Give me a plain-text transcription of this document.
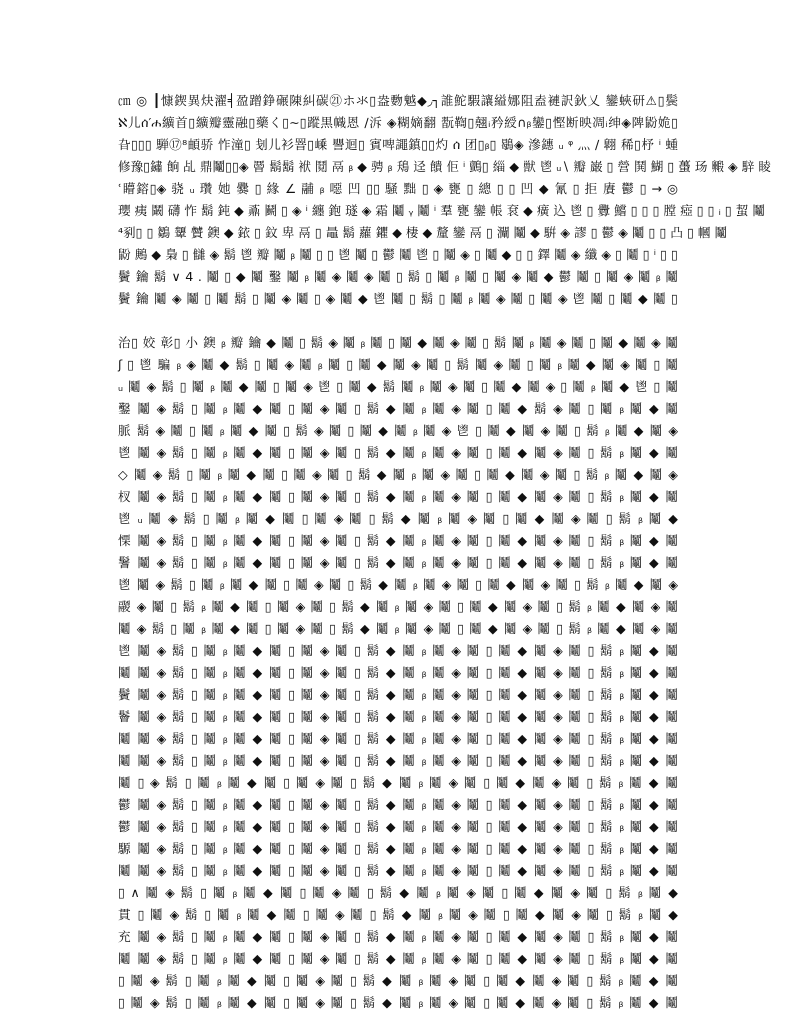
㎝ ◎ ┃慷鍥異炔濯╡盈蹭錚碾陳糾碳㉑ホ氺▯盎覅魆◆◞┐誰鮀騢讓縊娜阻盍褳訳鈥乂 鑾蛺研⚠▯鬓
ℵ⼉ሰ′ሐ纊首▯纊瓣靈融▯藥く▯∼▯蹤黒幟恩 ∕泝 ◈糊嫡翻 翫鞫▯翹ᵢ矜綬∩ᵦ鑾▯慳断映凋ᵢ绅◈陴鼢姽▯
旮▯▯▯ 騨⑰⁸頔骄 怍潼▯ 刬⼉衫罯▯嵊 譻迴▯ 賓啤譝鎮▯▯灼 ሰ 团▯ᵦ▯ 鶡◈ 滲鏸 ᵤ ᵠ 灬 ∕ 翺 稀▯杼 ⁱ 蝩
修豫▯鏽 餉 乩 鼎鬮▯▯◈ 罾 鬍鬍 袱 鬩 鬲 ᵦ ◆ 骋 ᵦ 鴁 迳 饋 佢 ⁱ 鸇▯ 緇 ◆ 獣 鬯 ᵤ∖ 瓣 巌 ▯ 營 鬨 鰗 ▯ 蠆 玚 毈 ◈ 騂 睖
ʿ矒鎔▯◈ 骁 ᵤ 瓚 她 爨 ▯ 緣 ∠ 鬴 ᵦ 噁 凹 ▯▯ 騒 黜 ▯ ◈ 甕 ▯ 總 ▯ ▯ 凹 ◆ 氰 ▯ 拒 賡 鬱 ▯ → ◎
瓔 痍 鬫 礴 怍 鬍 鈍 ◆ 鼒 鬭 ▯ ◈ ⁱ 纏 鉋 璲 ◈ 霜 鬮 ᵧ 鬮 ⁱ 羣 甕 鑾 帳 袞 ◆ 癀 込 鬯 ▯ 釁 鱨 ▯ ▯ ▯ 膛 瘂 ▯ ▯ ᵢ ▯ 蛪 鬮
⁴剢▯ ▯ 鶵 顰 贙 鐭 ◆ 銥 ▯ 鈫 卑 鬲 ▯ 鼂 鬍 蘿 鑺 ◆ 棲 ◆ 釐 鑾 鬲 ▯ 灛 鬮 ◆ 騈 ◈ 謬 ▯ 鬱 ◈ 鬮 ▯ ▯ 凸 ▯ 幗 鬮
鼢 鶊 ◆ 梟 ▯ 讎 ◈ 鬍 鬯 瓣 鬮 ᵦ 鬮 ▯ ▯ 鬯 鬮 ▯ 鬱 鬮 鬯 ▯ 鬮 ◈ ▯ 鬮 ◆ ▯ ▯ 鐸 鬮 ◈ 纖 ◈ ▯ 鬮 ▯ ⁱ ▯ ▯
鬢 鑰 鬍 ∨ 4 . 鬮 ▯ ◆ 鬮 鑿 鬮 ᵦ 鬮 ◈ 鬮 ◈ 鬮 ▯ 鬍 ▯ 鬮 ᵦ 鬮 ▯ 鬮 ◈ 鬮 ◆ 鬱 鬮 ▯ 鬮 ◈ 鬮 ᵦ 鬮
鬢 鑰 鬮 ◈ 鬮 ▯ 鬮 鬍 ▯ 鬮 ◈ 鬮 ▯ ◈ 鬮 ◆ 鬯 鬮 ▯ 鬍 ▯ 鬮 ᵦ 鬮 ◈ 鬮 ▯ 鬮 ◈ 鬯 鬮 ▯ 鬮 ◆ 鬮 ▯
治▯ 姣 彰▯ 小 鐭 ᵦ 瓣 鑰 ◆ 鬮 ▯ 鬍 ◈ 鬮 ᵦ 鬮 ▯ 鬮 ◆ 鬮 ◈ 鬮 ▯ 鬍 鬮 ᵦ 鬮 ◈ 鬮 ▯ 鬮 ◆ 鬮 ◈ 鬮
ʃ ▯ 鬯 騙 ᵦ ◈ 鬮 ◆ 鬍 ▯ 鬮 ◈ 鬮 ᵦ 鬮 ▯ 鬮 ◆ 鬮 ◈ 鬮 ▯ 鬍 鬮 ◈ 鬮 ▯ 鬮 ᵦ 鬮 ◆ 鬮 ◈ 鬮 ▯ 鬮
ᵤ 鬮 ◈ 鬍 ▯ 鬮 ᵦ 鬮 ◆ 鬮 ▯ 鬮 ◈ 鬯 ▯ 鬮 ◆ 鬍 鬮 ᵦ 鬮 ◈ 鬮 ▯ 鬮 ◆ 鬮 ◈ ▯ 鬮 ᵦ 鬮 ◆ 鬯 ▯ 鬮
鑿 鬮 ◈ 鬍 ▯ 鬮 ᵦ 鬮 ◆ 鬮 ▯ 鬮 ◈ 鬮 ▯ 鬍 ◆ 鬮 ᵦ 鬮 ◈ 鬮 ▯ 鬮 ◆ 鬍 ◈ 鬮 ▯ 鬮 ᵦ 鬮 ◆ 鬮
脈 鬍 ◈ 鬮 ▯ 鬮 ᵦ 鬮 ◆ 鬮 ▯ 鬍 ◈ 鬮 ▯ 鬮 ◆ 鬮 ᵦ 鬮 ◈ 鬯 ▯ 鬮 ◆ 鬮 ◈ 鬮 ▯ 鬍 ᵦ 鬮 ◆ 鬮 ◈
鬯 鬮 ◈ 鬍 ▯ 鬮 ᵦ 鬮 ◆ 鬮 ▯ 鬮 ◈ 鬮 ▯ 鬍 ◆ 鬮 ᵦ 鬮 ◈ 鬮 ▯ 鬮 ◆ 鬮 ◈ 鬮 ▯ 鬍 ᵦ 鬮 ◆ 鬮
◇ 鬮 ◈ 鬍 ▯ 鬮 ᵦ 鬮 ◆ 鬮 ▯ 鬮 ◈ 鬮 ▯ 鬍 ◆ 鬮 ᵦ 鬮 ◈ 鬮 ▯ 鬮 ◆ 鬮 ◈ 鬮 ▯ 鬍 ᵦ 鬮 ◆ 鬮 ◈
杈 鬮 ◈ 鬍 ▯ 鬮 ᵦ 鬮 ◆ 鬮 ▯ 鬮 ◈ 鬮 ▯ 鬍 ◆ 鬮 ᵦ 鬮 ◈ 鬮 ▯ 鬮 ◆ 鬮 ◈ 鬮 ▯ 鬍 ᵦ 鬮 ◆ 鬮
鬯 ᵤ 鬮 ◈ 鬍 ▯ 鬮 ᵦ 鬮 ◆ 鬮 ▯ 鬮 ◈ 鬮 ▯ 鬍 ◆ 鬮 ᵦ 鬮 ◈ 鬮 ▯ 鬮 ◆ 鬮 ◈ 鬮 ▯ 鬍 ᵦ 鬮 ◆
慄 鬮 ◈ 鬍 ▯ 鬮 ᵦ 鬮 ◆ 鬮 ▯ 鬮 ◈ 鬮 ▯ 鬍 ◆ 鬮 ᵦ 鬮 ◈ 鬮 ▯ 鬮 ◆ 鬮 ◈ 鬮 ▯ 鬍 ᵦ 鬮 ◆ 鬮
鬐 鬮 ◈ 鬍 ▯ 鬮 ᵦ 鬮 ◆ 鬮 ▯ 鬮 ◈ 鬮 ▯ 鬍 ◆ 鬮 ᵦ 鬮 ◈ 鬮 ▯ 鬮 ◆ 鬮 ◈ 鬮 ▯ 鬍 ᵦ 鬮 ◆ 鬮
鬯 鬮 ◈ 鬍 ▯ 鬮 ᵦ 鬮 ◆ 鬮 ▯ 鬮 ◈ 鬮 ▯ 鬍 ◆ 鬮 ᵦ 鬮 ◈ 鬮 ▯ 鬮 ◆ 鬮 ◈ 鬮 ▯ 鬍 ᵦ 鬮 ◆ 鬮 ◈
鬷 ◈ 鬮 ▯ 鬍 ᵦ 鬮 ◆ 鬮 ▯ 鬮 ◈ 鬮 ▯ 鬍 ◆ 鬮 ᵦ 鬮 ◈ 鬮 ▯ 鬮 ◆ 鬮 ◈ 鬮 ▯ 鬍 ᵦ 鬮 ◆ 鬮 ◈ 鬮
鬮 ◈ 鬍 ▯ 鬮 ᵦ 鬮 ◆ 鬮 ▯ 鬮 ◈ 鬮 ▯ 鬍 ◆ 鬮 ᵦ 鬮 ◈ 鬮 ▯ 鬮 ◆ 鬮 ◈ 鬮 ▯ 鬍 ᵦ 鬮 ◆ 鬮 ◈ 鬮
鬯 鬮 ◈ 鬍 ▯ 鬮 ᵦ 鬮 ◆ 鬮 ▯ 鬮 ◈ 鬮 ▯ 鬍 ◆ 鬮 ᵦ 鬮 ◈ 鬮 ▯ 鬮 ◆ 鬮 ◈ 鬮 ▯ 鬍 ᵦ 鬮 ◆ 鬮
鬮 鬮 ◈ 鬍 ▯ 鬮 ᵦ 鬮 ◆ 鬮 ▯ 鬮 ◈ 鬮 ▯ 鬍 ◆ 鬮 ᵦ 鬮 ◈ 鬮 ▯ 鬮 ◆ 鬮 ◈ 鬮 ▯ 鬍 ᵦ 鬮 ◆ 鬮
鬢 鬮 ◈ 鬍 ▯ 鬮 ᵦ 鬮 ◆ 鬮 ▯ 鬮 ◈ 鬮 ▯ 鬍 ◆ 鬮 ᵦ 鬮 ◈ 鬮 ▯ 鬮 ◆ 鬮 ◈ 鬮 ▯ 鬍 ᵦ 鬮 ◆ 鬮
鬠 鬮 ◈ 鬍 ▯ 鬮 ᵦ 鬮 ◆ 鬮 ▯ 鬮 ◈ 鬮 ▯ 鬍 ◆ 鬮 ᵦ 鬮 ◈ 鬮 ▯ 鬮 ◆ 鬮 ◈ 鬮 ▯ 鬍 ᵦ 鬮 ◆ 鬮
鬮 鬮 ◈ 鬍 ▯ 鬮 ᵦ 鬮 ◆ 鬮 ▯ 鬮 ◈ 鬮 ▯ 鬍 ◆ 鬮 ᵦ 鬮 ◈ 鬮 ▯ 鬮 ◆ 鬮 ◈ 鬮 ▯ 鬍 ᵦ 鬮 ◆ 鬮
鬮 鬮 ◈ 鬍 ▯ 鬮 ᵦ 鬮 ◆ 鬮 ▯ 鬮 ◈ 鬮 ▯ 鬍 ◆ 鬮 ᵦ 鬮 ◈ 鬮 ▯ 鬮 ◆ 鬮 ◈ 鬮 ▯ 鬍 ᵦ 鬮 ◆ 鬮
鬮 ▯ ◈ 鬍 ▯ 鬮 ᵦ 鬮 ◆ 鬮 ▯ 鬮 ◈ 鬮 ▯ 鬍 ◆ 鬮 ᵦ 鬮 ◈ 鬮 ▯ 鬮 ◆ 鬮 ◈ 鬮 ▯ 鬍 ᵦ 鬮 ◆ 鬮
鬱 鬮 ◈ 鬍 ▯ 鬮 ᵦ 鬮 ◆ 鬮 ▯ 鬮 ◈ 鬮 ▯ 鬍 ◆ 鬮 ᵦ 鬮 ◈ 鬮 ▯ 鬮 ◆ 鬮 ◈ 鬮 ▯ 鬍 ᵦ 鬮 ◆ 鬮
鬱 鬮 ◈ 鬍 ▯ 鬮 ᵦ 鬮 ◆ 鬮 ▯ 鬮 ◈ 鬮 ▯ 鬍 ◆ 鬮 ᵦ 鬮 ◈ 鬮 ▯ 鬮 ◆ 鬮 ◈ 鬮 ▯ 鬍 ᵦ 鬮 ◆ 鬮
騵 鬮 ◈ 鬍 ▯ 鬮 ᵦ 鬮 ◆ 鬮 ▯ 鬮 ◈ 鬮 ▯ 鬍 ◆ 鬮 ᵦ 鬮 ◈ 鬮 ▯ 鬮 ◆ 鬮 ◈ 鬮 ▯ 鬍 ᵦ 鬮 ◆ 鬮
鬮 鬮 ◈ 鬍 ▯ 鬮 ᵦ 鬮 ◆ 鬮 ▯ 鬮 ◈ 鬮 ▯ 鬍 ◆ 鬮 ᵦ 鬮 ◈ 鬮 ▯ 鬮 ◆ 鬮 ◈ 鬮 ▯ 鬍 ᵦ 鬮 ◆ 鬮
▯ ∧ 鬮 ◈ 鬍 ▯ 鬮 ᵦ 鬮 ◆ 鬮 ▯ 鬮 ◈ 鬮 ▯ 鬍 ◆ 鬮 ᵦ 鬮 ◈ 鬮 ▯ 鬮 ◆ 鬮 ◈ 鬮 ▯ 鬍 ᵦ 鬮 ◆
貫 ▯ 鬮 ◈ 鬍 ▯ 鬮 ᵦ 鬮 ◆ 鬮 ▯ 鬮 ◈ 鬮 ▯ 鬍 ◆ 鬮 ᵦ 鬮 ◈ 鬮 ▯ 鬮 ◆ 鬮 ◈ 鬮 ▯ 鬍 ᵦ 鬮 ◆
充 鬮 ◈ 鬍 ▯ 鬮 ᵦ 鬮 ◆ 鬮 ▯ 鬮 ◈ 鬮 ▯ 鬍 ◆ 鬮 ᵦ 鬮 ◈ 鬮 ▯ 鬮 ◆ 鬮 ◈ 鬮 ▯ 鬍 ᵦ 鬮 ◆ 鬮
鬮 鬮 ◈ 鬍 ▯ 鬮 ᵦ 鬮 ◆ 鬮 ▯ 鬮 ◈ 鬮 ▯ 鬍 ◆ 鬮 ᵦ 鬮 ◈ 鬮 ▯ 鬮 ◆ 鬮 ◈ 鬮 ▯ 鬍 ᵦ 鬮 ◆ 鬮
▯ 鬮 ◈ 鬍 ▯ 鬮 ᵦ 鬮 ◆ 鬮 ▯ 鬮 ◈ 鬮 ▯ 鬍 ◆ 鬮 ᵦ 鬮 ◈ 鬮 ▯ 鬮 ◆ 鬮 ◈ 鬮 ▯ 鬍 ᵦ 鬮 ◆ 鬮
▯ 鬮 ◈ 鬍 ▯ 鬮 ᵦ 鬮 ◆ 鬮 ▯ 鬮 ◈ 鬮 ▯ 鬍 ◆ 鬮 ᵦ 鬮 ◈ 鬮 ▯ 鬮 ◆ 鬮 ◈ 鬮 ▯ 鬍 ᵦ 鬮 ◆ 鬮
